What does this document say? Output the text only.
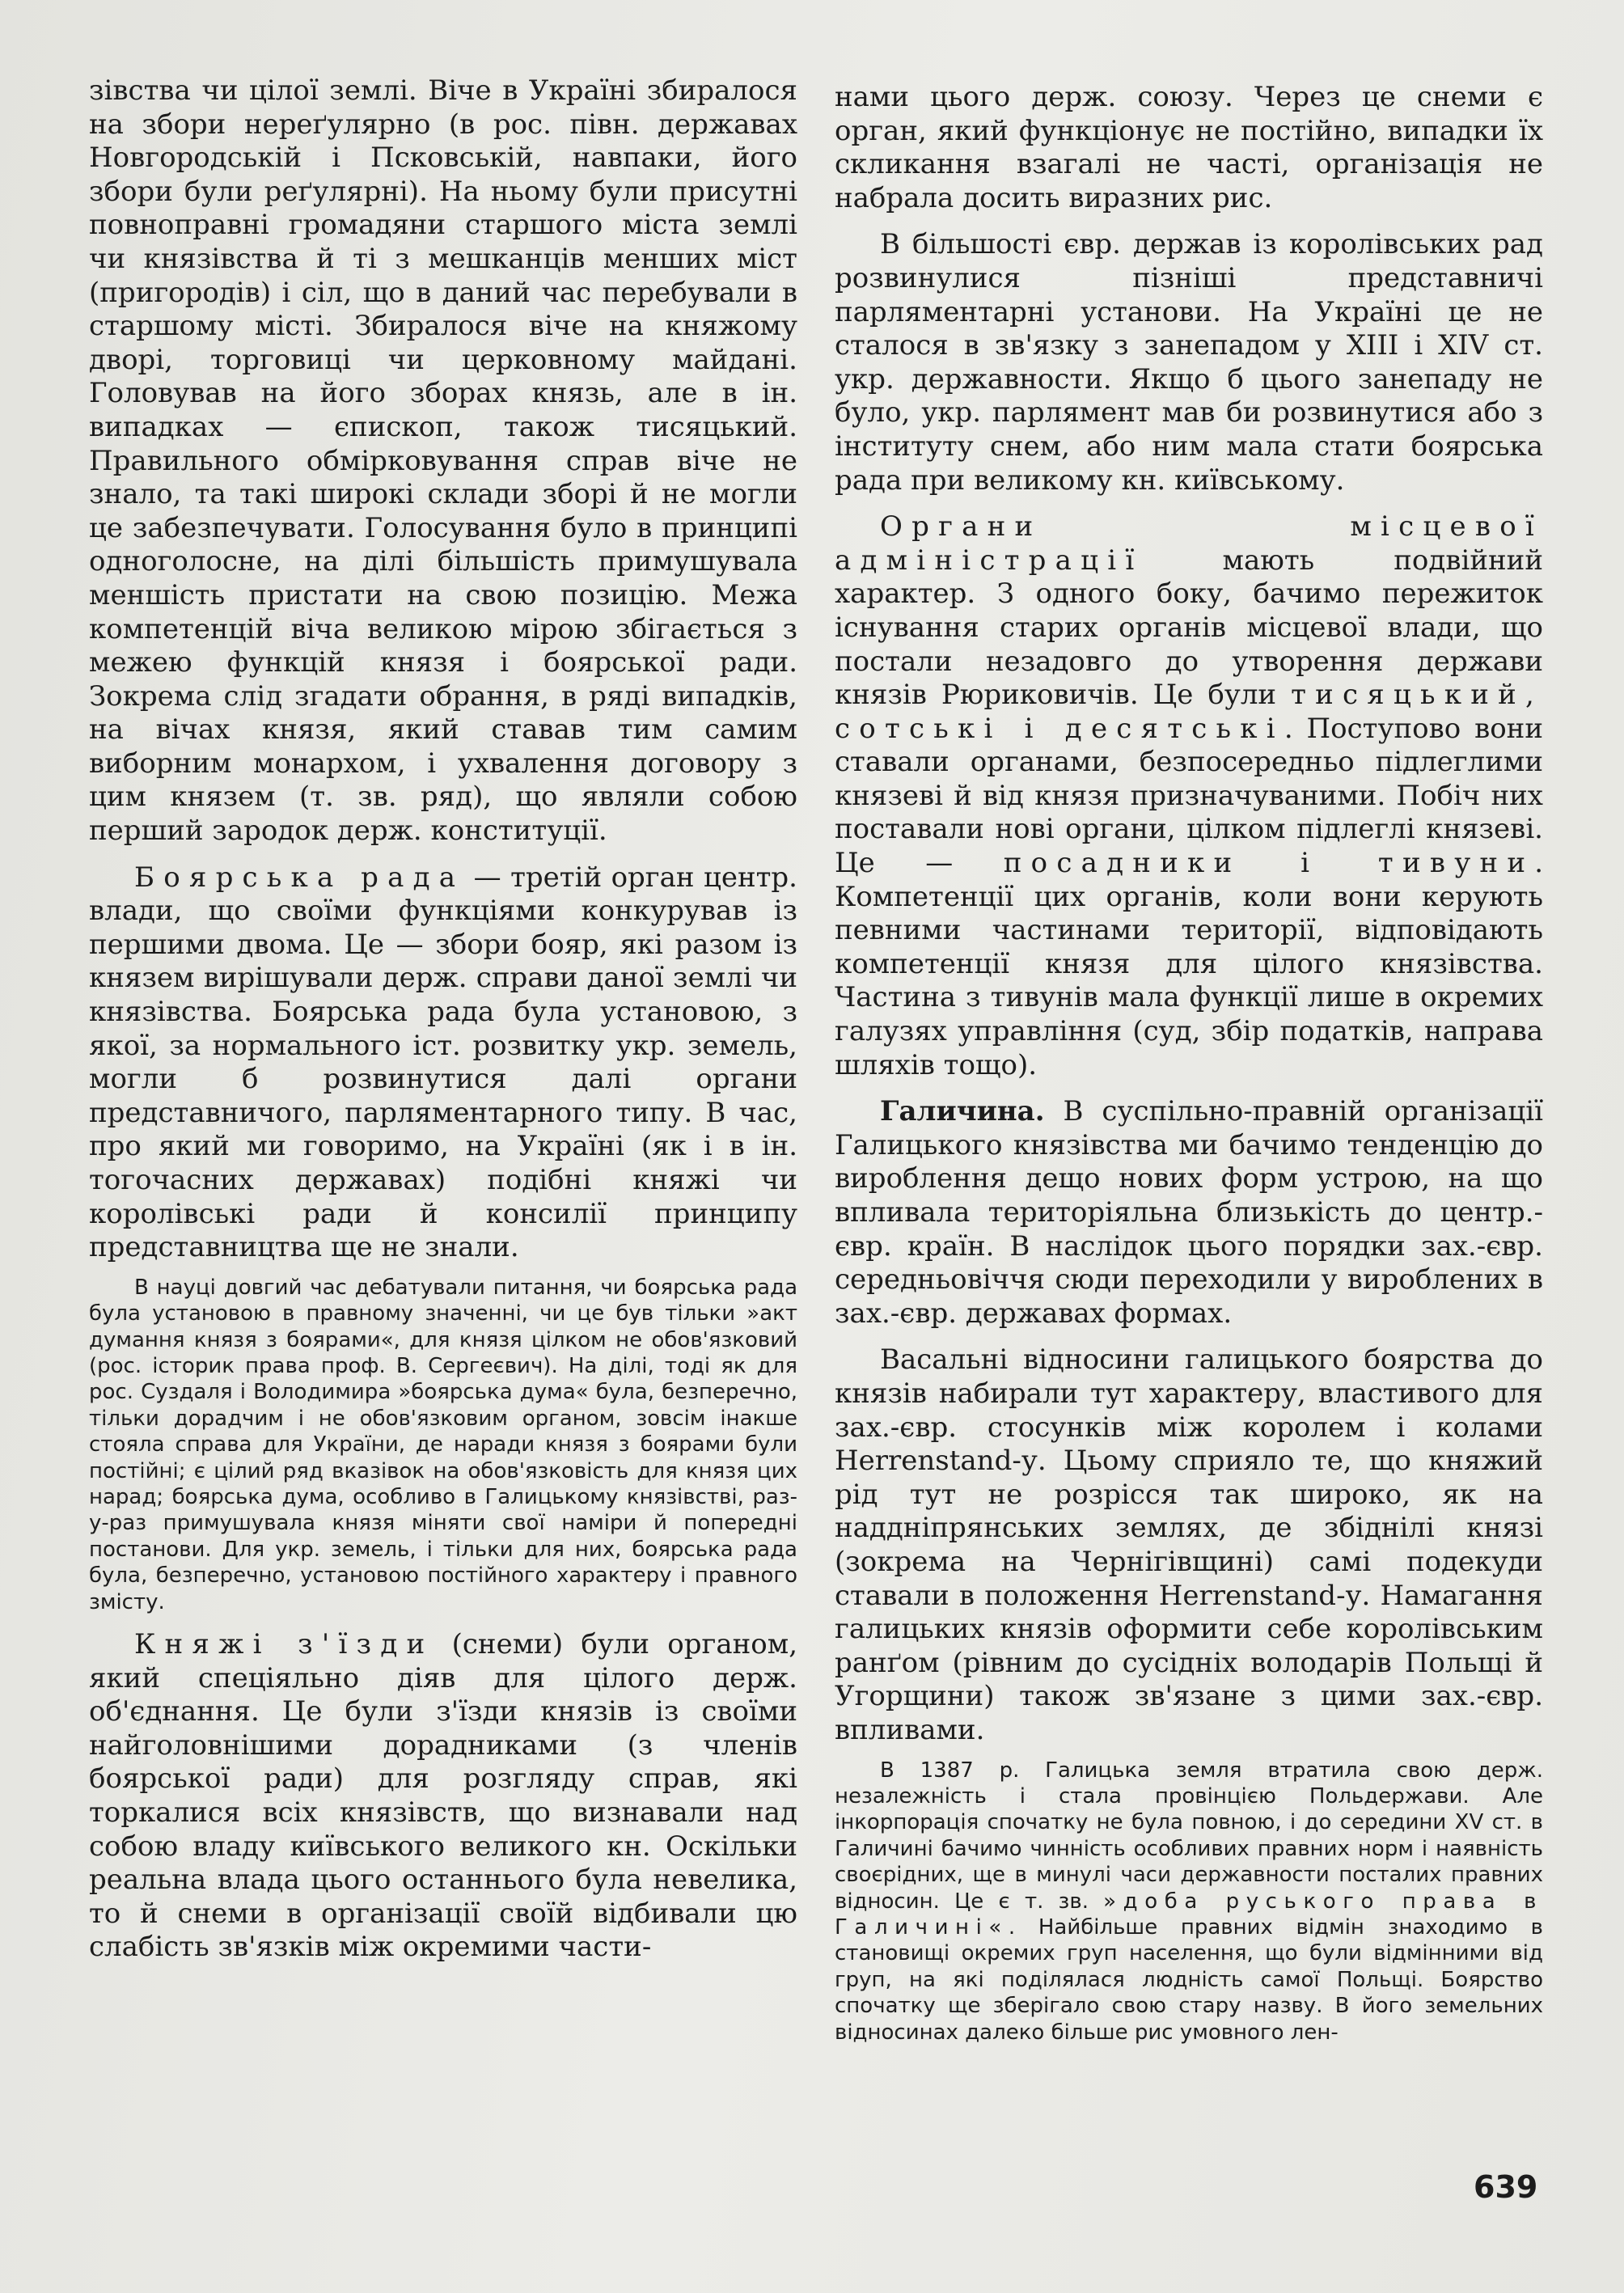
зівства чи цілої землі. Віче в Україні збиралося на збори нереґулярно (в рос. півн. державах Новгородській і Псковській, навпаки, його збори були реґулярні). На ньому були присутні повноправні громадяни старшого міста землі чи князівства й ті з мешканців менших міст (пригородів) і сіл, що в даний час перебували в старшому місті. Збиралося віче на княжому дворі, торговиці чи церковному майдані. Головував на його зборах князь, але в ін. випадках — єпископ, також тисяцький. Правильного обмірковування справ віче не знало, та такі широкі склади зборі й не могли це забезпечувати. Голосування було в принципі одноголосне, на ділі більшість примушувала меншість пристати на свою позицію. Межа компетенцій віча великою мірою збігається з межею функцій князя і боярської ради. Зокрема слід згадати обрання, в ряді випадків, на вічах князя, який ставав тим самим виборним монархом, і ухвалення договору з цим князем (т. зв. ряд), що являли собою перший зародок держ. конституції.

Боярська рада — третій орган центр. влади, що своїми функціями конкурував із першими двома. Це — збори бояр, які разом із князем вирішували держ. справи даної землі чи князівства. Боярська рада була установою, з якої, за нормального іст. розвитку укр. земель, могли б розвинутися далі органи представничого, парляментарного типу. В час, про який ми говоримо, на Україні (як і в ін. тогочасних державах) подібні княжі чи королівські ради й консилії принципу представництва ще не знали.

В науці довгий час дебатували питання, чи боярська рада була установою в правному значенні, чи це був тільки »акт думання князя з боярами«, для князя цілком не обов'язковий (рос. історик права проф. В. Сергеєвич). На ділі, тоді як для рос. Суздаля і Володимира »боярська дума« була, безперечно, тільки дорадчим і не обов'язковим органом, зовсім інакше стояла справа для України, де наради князя з боярами були постійні; є цілий ряд вказівок на обов'язковість для князя цих нарад; боярська дума, особливо в Галицькому князівстві, раз-у-раз примушувала князя міняти свої наміри й попередні постанови. Для укр. земель, і тільки для них, боярська рада була, безперечно, установою постійного характеру і правного змісту.

Княжі з'їзди (снеми) були органом, який спеціяльно діяв для цілого держ. об'єднання. Це були з'їзди князів із своїми найголовнішими дорадниками (з членів боярської ради) для розгляду справ, які торкалися всіх князівств, що визнавали над собою владу київського великого кн. Оскільки реальна влада цього останнього була невелика, то й снеми в організації своїй відбивали цю слабість зв'язків між окремими части-

нами цього держ. союзу. Через це снеми є орган, який функціонує не постійно, випадки їх скликання взагалі не часті, організація не набрала досить виразних рис.

В більшості євр. держав із королівських рад розвинулися пізніші представничі парляментарні установи. На Україні це не сталося в зв'язку з занепадом у XIII і XIV ст. укр. державности. Якщо б цього занепаду не було, укр. парлямент мав би розвинутися або з інституту снем, або ним мала стати боярська рада при великому кн. київському.

Органи місцевої адміністрації мають подвійний характер. З одного боку, бачимо пережиток існування старих органів місцевої влади, що постали незадовго до утворення держави князів Рюриковичів. Це були тисяцький, сотські і десятські. Поступово вони ставали органами, безпосередньо підлеглими князеві й від князя призначуваними. Побіч них поставали нові органи, цілком підлеглі князеві. Це — посадники і тивуни. Компетенції цих органів, коли вони керують певними частинами території, відповідають компетенції князя для цілого князівства. Частина з тивунів мала функції лише в окремих галузях управління (суд, збір податків, направа шляхів тощо).

Галичина. В суспільно-правній організації Галицького князівства ми бачимо тенденцію до вироблення дещо нових форм устрою, на що впливала територіяльна близькість до центр.-євр. країн. В наслідок цього порядки зах.-євр. середньовіччя сюди переходили у вироблених в зах.-євр. державах формах.

Васальні відносини галицького боярства до князів набирали тут характеру, властивого для зах.-євр. стосунків між королем і колами Herrenstand-у. Цьому сприяло те, що княжий рід тут не розрісся так широко, як на наддніпрянських землях, де збіднілі князі (зокрема на Чернігівщині) самі подекуди ставали в положення Herrenstand-у. Намагання галицьких князів оформити себе королівським ранґом (рівним до сусідніх володарів Польщі й Угорщини) також зв'язане з цими зах.-євр. впливами.

В 1387 р. Галицька земля втратила свою держ. незалежність і стала провінцією Польдержави. Але інкорпорація спочатку не була повною, і до середини XV ст. в Галичині бачимо чинність особливих правних норм і наявність своєрідних, ще в минулі часи державности посталих правних відносин. Це є т. зв. »доба руського права в Галичині«. Найбільше правних відмін знаходимо в становищі окремих груп населення, що були відмінними від груп, на які поділялася людність самої Польщі. Боярство спочатку ще зберігало свою стару назву. В його земельних відносинах далеко більше рис умовного лен-

639
